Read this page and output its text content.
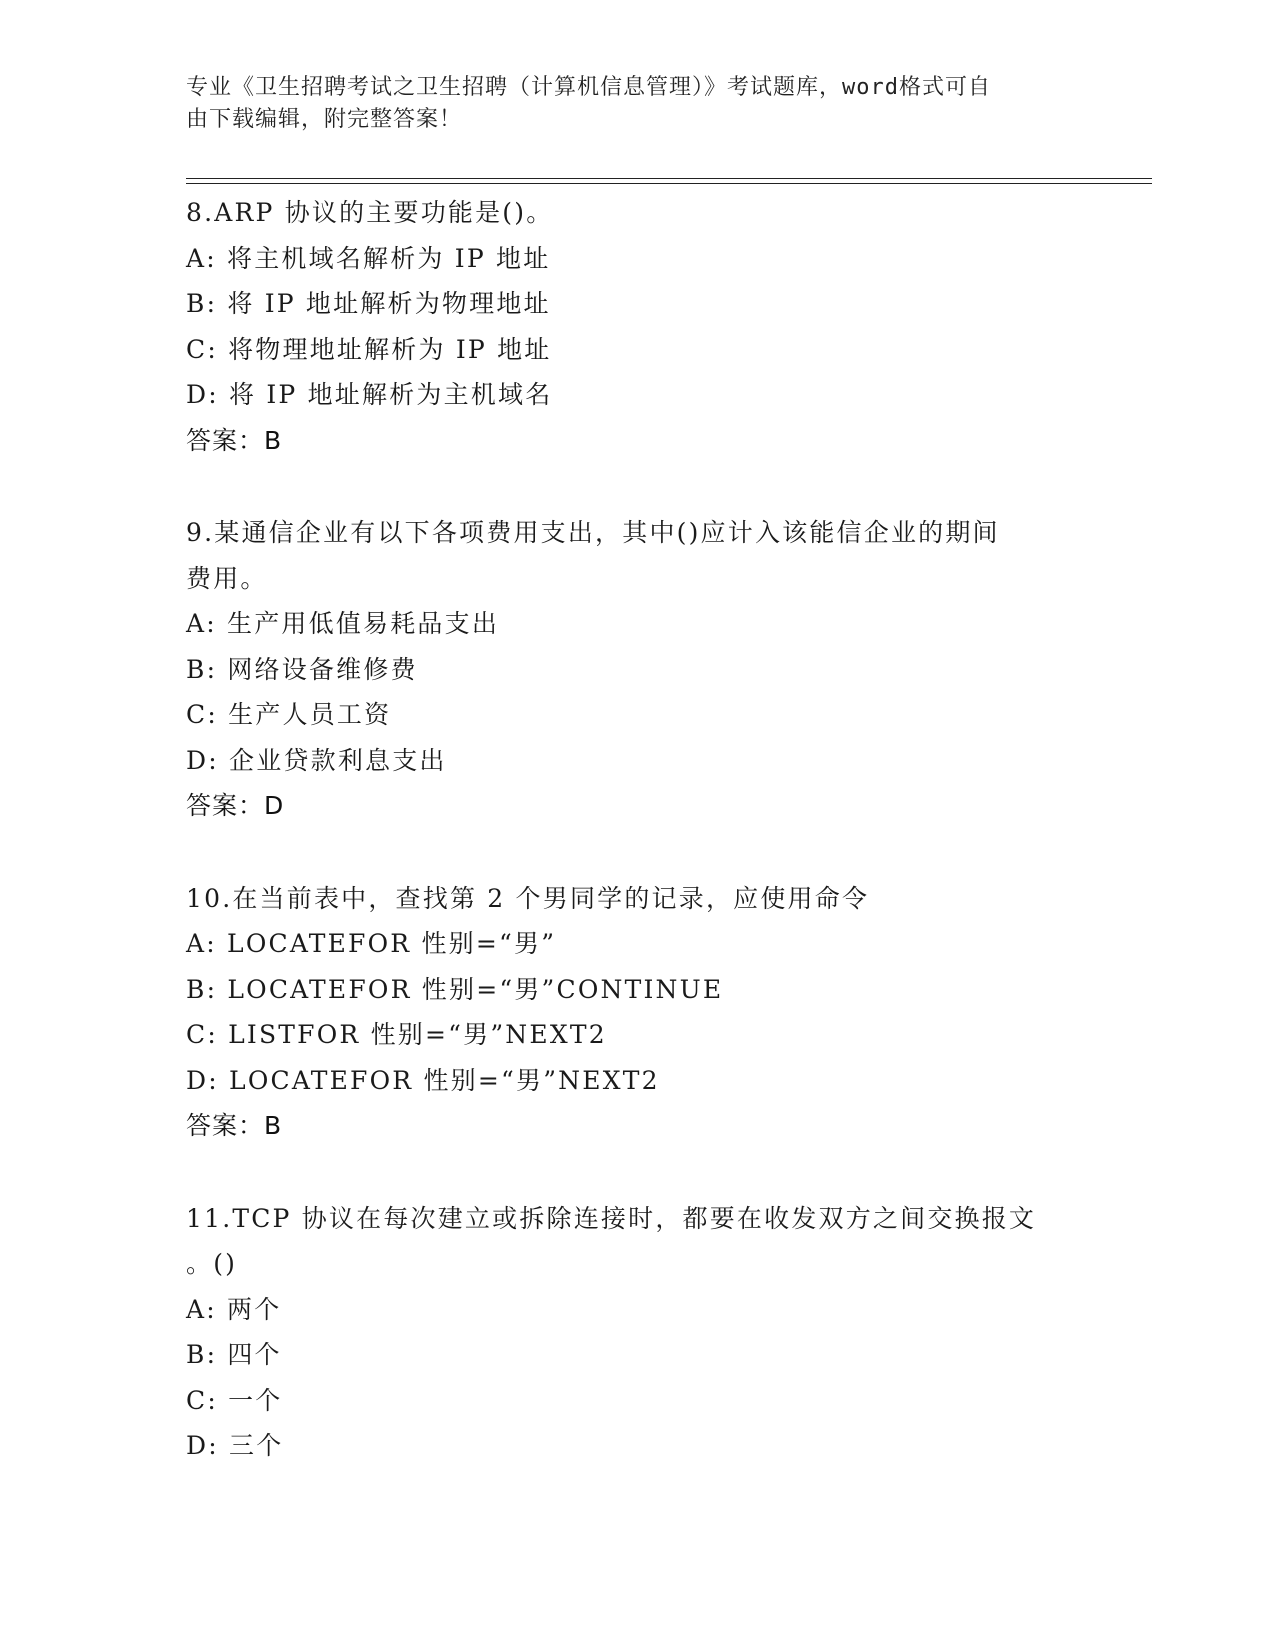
专业《卫生招聘考试之卫生招聘（计算机信息管理）》考试题库，word格式可自
由下载编辑，附完整答案！
8.ARP 协议的主要功能是()。
A: 将主机域名解析为 IP 地址
B: 将 IP 地址解析为物理地址
C: 将物理地址解析为 IP 地址
D: 将 IP 地址解析为主机域名
答案：B
9.某通信企业有以下各项费用支出，其中()应计入该能信企业的期间
费用。
A: 生产用低值易耗品支出
B: 网络设备维修费
C: 生产人员工资
D: 企业贷款利息支出
答案：D
10.在当前表中，查找第 2 个男同学的记录，应使用命令
A: LOCATEFOR 性别=“男”
B: LOCATEFOR 性别=“男”CONTINUE
C: LISTFOR 性别=“男”NEXT2
D: LOCATEFOR 性别=“男”NEXT2
答案：B
11.TCP 协议在每次建立或拆除连接时，都要在收发双方之间交换报文
。()
A: 两个
B: 四个
C: 一个
D: 三个
